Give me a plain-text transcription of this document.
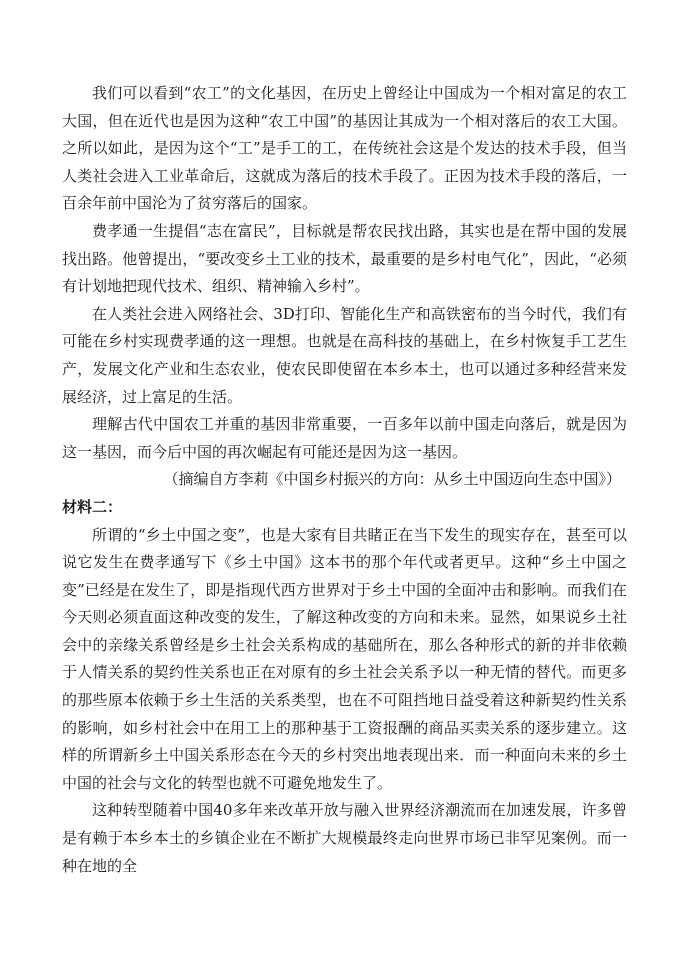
我们可以看到“农工”的文化基因，在历史上曾经让中国成为一个相对富足的农工大国，但在近代也是因为这种“农工中国”的基因让其成为一个相对落后的农工大国。之所以如此，是因为这个“工”是手工的工，在传统社会这是个发达的技术手段，但当人类社会进入工业革命后，这就成为落后的技术手段了。正因为技术手段的落后，一百余年前中国沦为了贫穷落后的国家。

费孝通一生提倡“志在富民”，目标就是帮农民找出路，其实也是在帮中国的发展找出路。他曾提出，“要改变乡土工业的技术，最重要的是乡村电气化”，因此，“必须有计划地把现代技术、组织、精神输入乡村”。

在人类社会进入网络社会、3D打印、智能化生产和高铁密布的当今时代，我们有可能在乡村实现费孝通的这一理想。也就是在高科技的基础上，在乡村恢复手工艺生产，发展文化产业和生态农业，使农民即使留在本乡本土，也可以通过多种经营来发展经济，过上富足的生活。

理解古代中国农工并重的基因非常重要，一百多年以前中国走向落后，就是因为这一基因，而今后中国的再次崛起有可能还是因为这一基因。

（摘编自方李莉《中国乡村振兴的方向：从乡土中国迈向生态中国》）

材料二：

所谓的“乡土中国之变”，也是大家有目共睹正在当下发生的现实存在，甚至可以说它发生在费孝通写下《乡土中国》这本书的那个年代或者更早。这种“乡土中国之变”已经是在发生了，即是指现代西方世界对于乡土中国的全面冲击和影响。而我们在今天则必须直面这种改变的发生，了解这种改变的方向和未来。显然，如果说乡土社会中的亲缘关系曾经是乡土社会关系构成的基础所在，那么各种形式的新的并非依赖于人情关系的契约性关系也正在对原有的乡土社会关系予以一种无情的替代。而更多的那些原本依赖于乡土生活的关系类型，也在不可阻挡地日益受着这种新契约性关系的影响，如乡村社会中在用工上的那种基于工资报酬的商品买卖关系的逐步建立。这样的所谓新乡土中国关系形态在今天的乡村突出地表现出来．而一种面向未来的乡土中国的社会与文化的转型也就不可避免地发生了。

这种转型随着中国40多年来改革开放与融入世界经济潮流而在加速发展，许多曾是有赖于本乡本土的乡镇企业在不断扩大规模最终走向世界市场已非罕见案例。而一种在地的全
